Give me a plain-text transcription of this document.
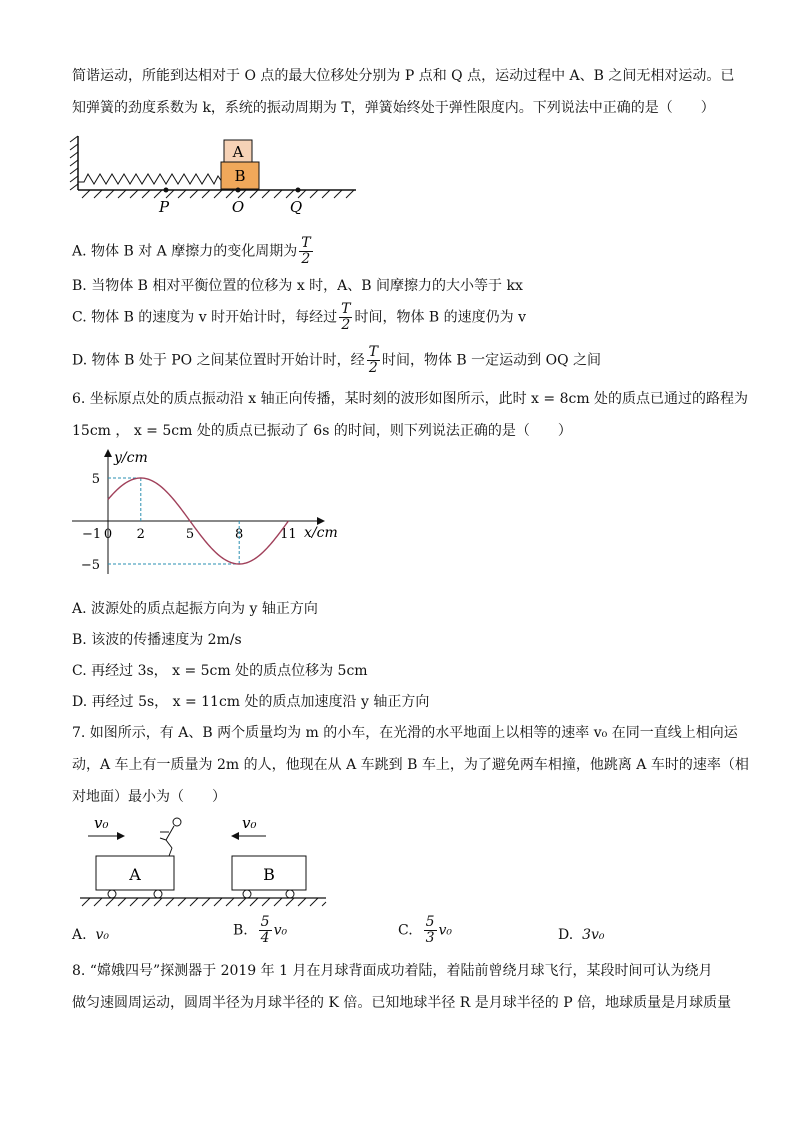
简谐运动，所能到达相对于 O 点的最大位移处分别为 P 点和 Q 点，运动过程中 A、B 之间无相对运动。已
知弹簧的劲度系数为 k，系统的振动周期为 T，弹簧始终处于弹性限度内。下列说法中正确的是（　　）
A
B
P	O	Q
A. 物体 B 对 A 摩擦力的变化周期为 $\frac{T}{2}$
B. 当物体 B 相对平衡位置的位移为 x 时，A、B 间摩擦力的大小等于 kx
C. 物体 B 的速度为 v 时开始计时，每经过 $\frac{T}{2}$ 时间，物体 B 的速度仍为 v
D. 物体 B 处于 PO 之间某位置时开始计时，经 $\frac{T}{2}$ 时间，物体 B 一定运动到 OQ 之间
6. 坐标原点处的质点振动沿 x 轴正向传播，某时刻的波形如图所示，此时 x = 8cm 处的质点已通过的路程为
15cm ， x = 5cm 处的质点已振动了 6s 的时间，则下列说法正确的是（　　）
y/cm
x/cm
−1 0 2	5	8	11
5
−5
A. 波源处的质点起振方向为 y 轴正方向
B. 该波的传播速度为 2m/s
C. 再经过 3s， x = 5cm 处的质点位移为 5cm
D. 再经过 5s， x = 11cm 处的质点加速度沿 y 轴正方向
7. 如图所示，有 A、B 两个质量均为 m 的小车，在光滑的水平地面上以相等的速率 v₀ 在同一直线上相向运
动，A 车上有一质量为 2m 的人，他现在从 A 车跳到 B 车上，为了避免两车相撞，他跳离 A 车时的速率（相
对地面）最小为（　　）
v₀	v₀
A	B
A. v₀	B. $\frac{5}{4} v_0$	C. $\frac{5}{3} v_0$	D. 3v₀
8. “嫦娥四号”探测器于 2019 年 1 月在月球背面成功着陆，着陆前曾绕月球飞行，某段时间可认为绕月
做匀速圆周运动，圆周半径为月球半径的 K 倍。已知地球半径 R 是月球半径的 P 倍，地球质量是月球质量
